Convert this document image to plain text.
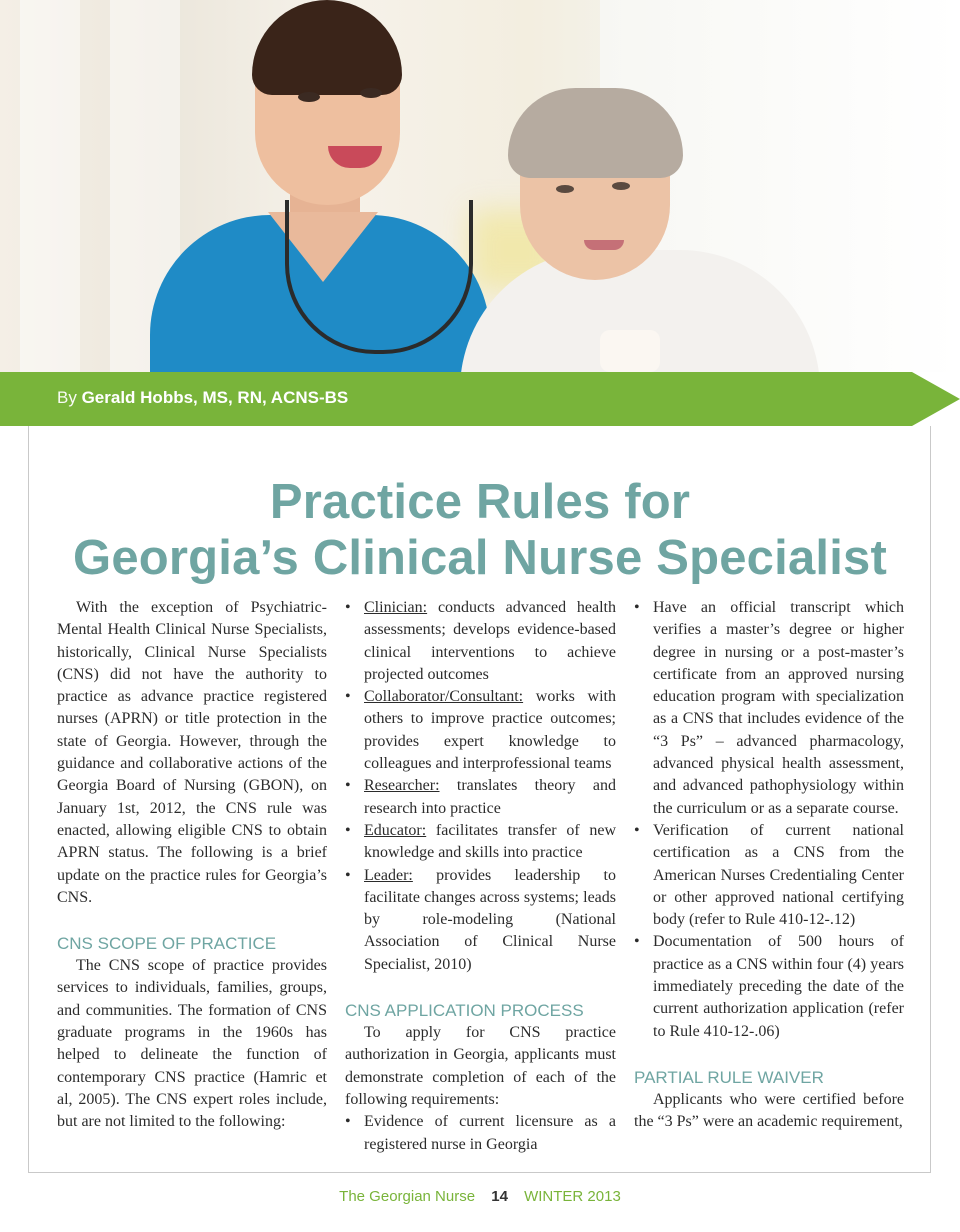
By Gerald Hobbs, MS, RN, ACNS-BS
Practice Rules for
Georgia’s Clinical Nurse Specialist

With the exception of Psychiatric-Mental Health Clinical Nurse Specialists, historically, Clinical Nurse Specialists (CNS) did not have the authority to practice as advance practice registered nurses (APRN) or title protection in the state of Georgia. However, through the guidance and collaborative actions of the Georgia Board of Nursing (GBON), on January 1st, 2012, the CNS rule was enacted, allowing eligible CNS to obtain APRN status. The following is a brief update on the practice rules for Georgia’s CNS.

CNS SCOPE OF PRACTICE

The CNS scope of practice provides services to individuals, families, groups, and communities. The formation of CNS graduate programs in the 1960s has helped to delineate the function of contemporary CNS practice (Hamric et al, 2005). The CNS expert roles include, but are not limited to the following:

• Clinician: conducts advanced health assessments; develops evidence-based clinical interventions to achieve projected outcomes
• Collaborator/Consultant: works with others to improve practice outcomes; provides expert knowledge to colleagues and interprofessional teams
• Researcher: translates theory and research into practice
• Educator: facilitates transfer of new knowledge and skills into practice
• Leader: provides leadership to facilitate changes across systems; leads by role-modeling (National Association of Clinical Nurse Specialist, 2010)
CNS APPLICATION PROCESS

To apply for CNS practice authorization in Georgia, applicants must demonstrate completion of each of the following requirements:

• Evidence of current licensure as a registered nurse in Georgia
• Have an official transcript which verifies a master’s degree or higher degree in nursing or a post-master’s certificate from an approved nursing education program with specialization as a CNS that includes evidence of the “3 Ps” – advanced pharmacology, advanced physical health assessment, and advanced pathophysiology within the curriculum or as a separate course.
• Verification of current national certification as a CNS from the American Nurses Credentialing Center or other approved national certifying body (refer to Rule 410-12-.12)
• Documentation of 500 hours of practice as a CNS within four (4) years immediately preceding the date of the current authorization application (refer to Rule 410-12-.06)
PARTIAL RULE WAIVER

Applicants who were certified before the “3 Ps” were an academic requirement,

The Georgian Nurse 14 WINTER 2013
